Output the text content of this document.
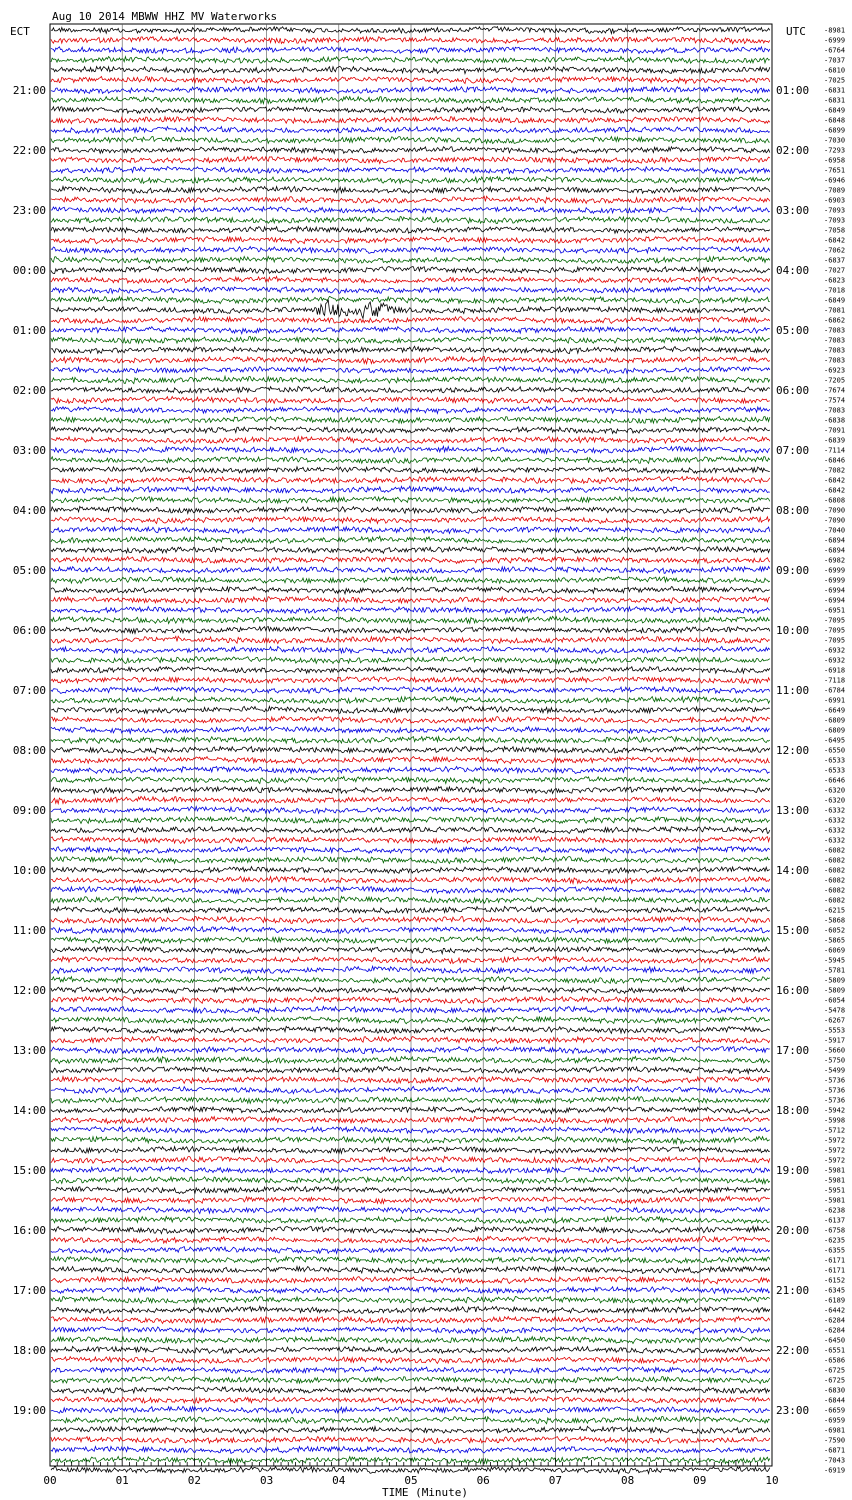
Aug 10 2014 MBWW HHZ MV Waterworks
ECT	UTC
21:00
22:00
23:00
00:00
01:00
02:00
03:00
04:00
05:00
06:00
07:00
08:00
09:00
10:00
11:00
12:00
13:00
14:00
15:00
16:00
17:00
18:00
19:00
01:00
02:00
03:00
04:00
05:00
06:00
07:00
08:00
09:00
10:00
11:00
12:00
13:00
14:00
15:00
16:00
17:00
18:00
19:00
20:00
21:00
22:00
23:00
-8981
-6999
-6764
-7037
-6810
-7025
-6831
-6831
-6849
-6848
-6899
-7030
-7293
-6958
-7651
-6946
-7089
-6903
-7093
-7093
-7058
-6842
-7062
-6837
-7027
-6823
-7018
-6849
-7081
-6862
-7083
-7083
-7083
-7083
-6923
-7205
-7674
-7574
-7083
-6838
-7091
-6839
-7114
-6846
-7082
-6842
-6842
-6808
-7090
-7090
-7040
-6894
-6894
-6982
-6999
-6999
-6994
-6994
-6951
-7095
-7095
-7095
-6932
-6932
-6918
-7118
-6784
-6991
-6649
-6809
-6809
-6495
-6550
-6533
-6533
-6646
-6320
-6320
-6332
-6332
-6332
-6332
-6082
-6082
-6082
-6082
-6082
-6082
-6215
-5868
-6052
-5865
-6069
-5945
-5781
-5809
-5809
-6054
-5478
-6267
-5553
-5917
-5660
-5750
-5499
-5736
-5736
-5736
-5942
-5998
-5712
-5972
-5972
-5972
-5981
-5981
-5951
-5981
-6238
-6137
-6758
-6235
-6355
-6171
-6171
-6152
-6345
-6189
-6442
-6284
-6284
-6450
-6551
-6586
-6725
-6725
-6830
-6844
-6659
-6959
-6981
-7590
-6871
-7043
-6919
00	01	02	03	04	05	06	07	08	09	10
TIME (Minute)
